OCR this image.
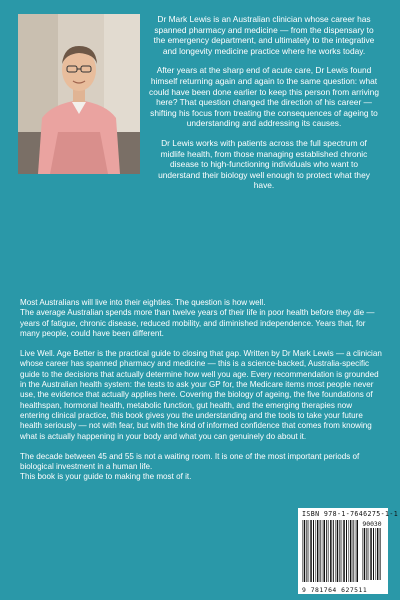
Dr Mark Lewis is an Australian clinician whose career has spanned pharmacy and medicine — from the dispensary to the emergency department, and ultimately to the integrative and longevity medicine practice where he works today.

After years at the sharp end of acute care, Dr Lewis found himself returning again and again to the same question: what could have been done earlier to keep this person from arriving here? That question changed the direction of his career — shifting his focus from treating the consequences of ageing to understanding and addressing its causes.

Dr Lewis works with patients across the full spectrum of midlife health, from those managing established chronic disease to high-functioning individuals who want to understand their biology well enough to protect what they have.

Most Australians will live into their eighties. The question is how well.

The average Australian spends more than twelve years of their life in poor health before they die — years of fatigue, chronic disease, reduced mobility, and diminished independence. Years that, for many people, could have been different.

Live Well. Age Better is the practical guide to closing that gap. Written by Dr Mark Lewis — a clinician whose career has spanned pharmacy and medicine — this is a science-backed, Australia-specific guide to the decisions that actually determine how well you age. Every recommendation is grounded in the Australian health system: the tests to ask your GP for, the Medicare items most people never use, the evidence that actually applies here. Covering the biology of ageing, the five foundations of healthspan, hormonal health, metabolic function, gut health, and the emerging therapies now entering clinical practice, this book gives you the understanding and the tools to take your future health seriously — not with fear, but with the kind of informed confidence that comes from knowing what is actually happening in your body and what you can genuinely do about it.

The decade between 45 and 55 is not a waiting room. It is one of the most important periods of biological investment in a human life.

This book is your guide to making the most of it.

ISBN 978-1-7646275-1-1
90030
9 781764 627511
